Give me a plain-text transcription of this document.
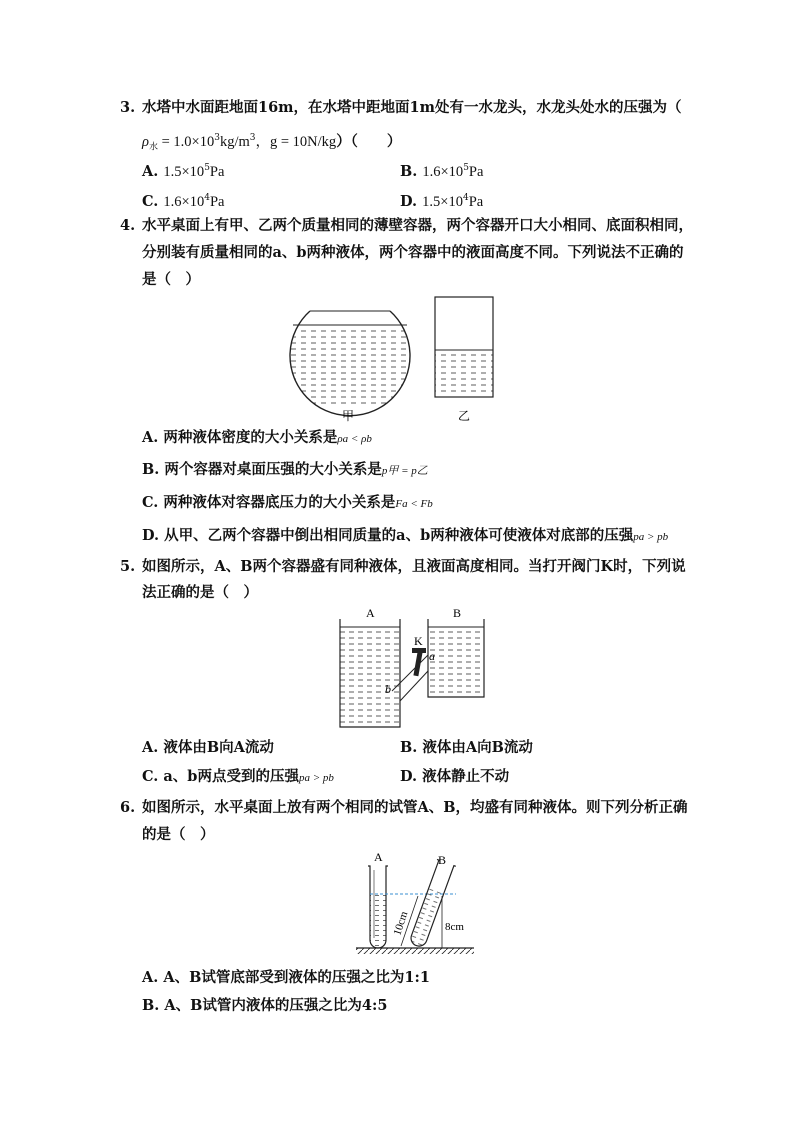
3. 水塔中水面距地面16m，在水塔中距地面1m处有一水龙头，水龙头处水的压强为（
$\rho_水 = 1.0\times 10^3kg/m^3$，g = 10N/kg）（　　）
A. $1.5\times 10^5Pa$	B. $1.6\times 10^5Pa$
C. $1.6\times 10^4Pa$	D. $1.5\times 10^4Pa$
4. 水平桌面上有甲、乙两个质量相同的薄壁容器，两个容器开口大小相同、底面积相同，
分别装有质量相同的a、b两种液体，两个容器中的液面高度不同。下列说法不正确的
是（　）
甲	乙
A. 两种液体密度的大小关系是ρa < ρb
B. 两个容器对桌面压强的大小关系是p甲 = p乙
C. 两种液体对容器底压力的大小关系是Fa < Fb
D. 从甲、乙两个容器中倒出相同质量的a、b两种液体可使液体对底部的压强pa > pb
5. 如图所示，A、B两个容器盛有同种液体，且液面高度相同。当打开阀门K时，下列说
法正确的是（　）
A	B
K
a
b
A. 液体由B向A流动	B. 液体由A向B流动
C. a、b两点受到的压强pa > pb	D. 液体静止不动
6. 如图所示，水平桌面上放有两个相同的试管A、B，均盛有同种液体。则下列分析正确
的是（　）
A	B
10cm	8cm
A. A、B试管底部受到液体的压强之比为1:1
B. A、B试管内液体的压强之比为4:5
